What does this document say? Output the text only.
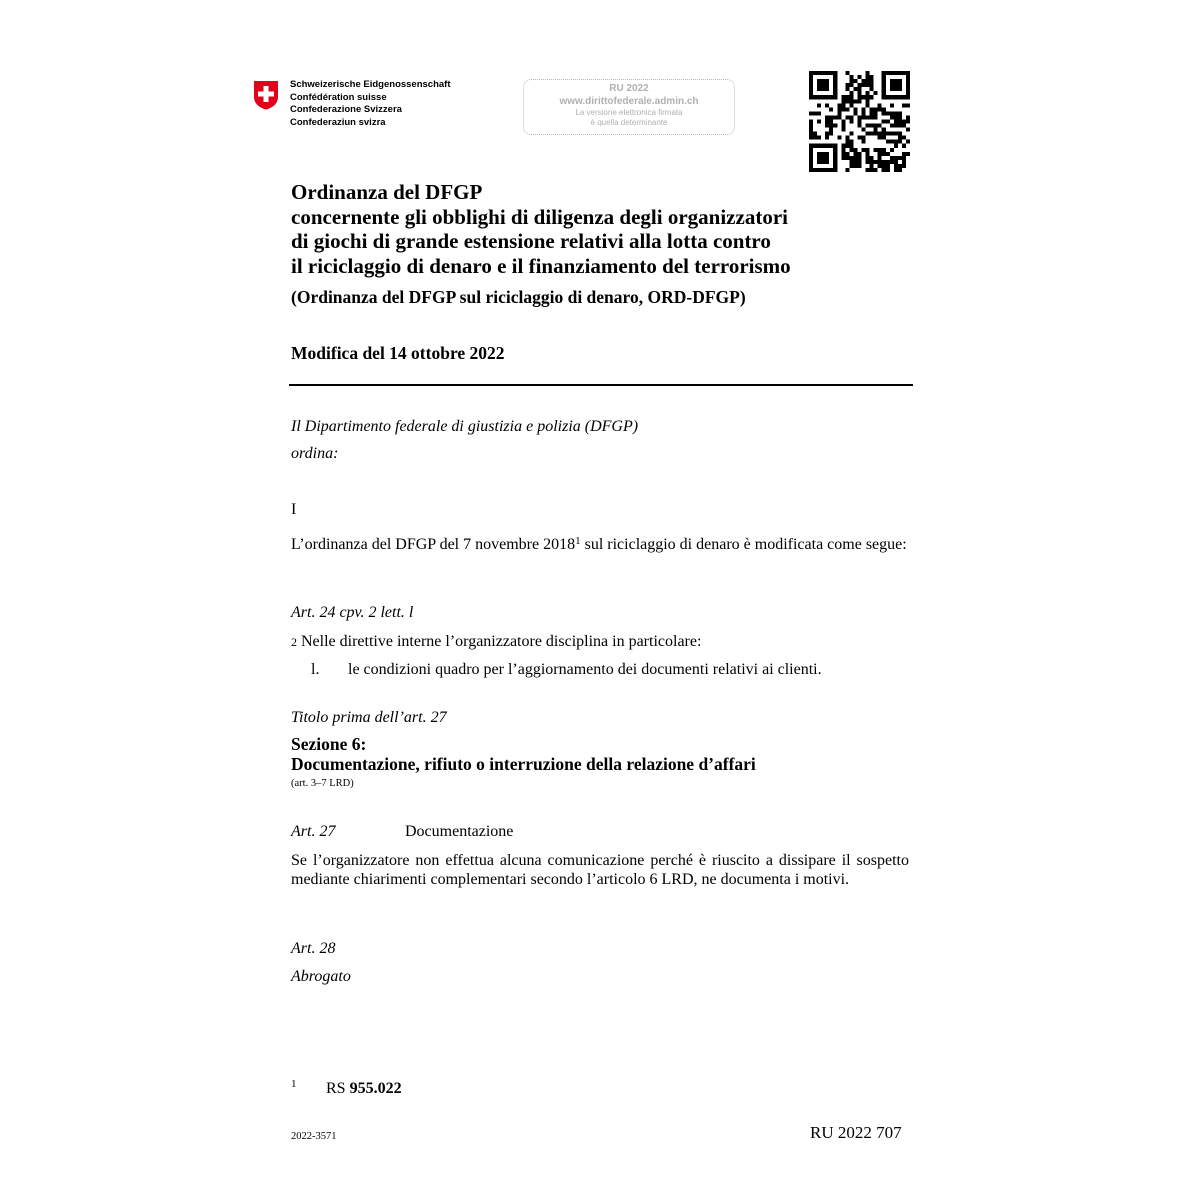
Schweizerische Eidgenossenschaft
Confédération suisse
Confederazione Svizzera
Confederaziun svizra
RU 2022
www.dirittofederale.admin.ch
La versione elettronica firmata
è quella determinante
Ordinanza del DFGP
concernente gli obblighi di diligenza degli organizzatori
di giochi di grande estensione relativi alla lotta contro
il riciclaggio di denaro e il finanziamento del terrorismo
(Ordinanza del DFGP sul riciclaggio di denaro, ORD-DFGP)
Modifica del 14 ottobre 2022
Il Dipartimento federale di giustizia e polizia (DFGP)
ordina:
I
L’ordinanza del DFGP del 7 novembre 2018$^1$ sul riciclaggio di denaro è modificata come segue:
Art. 24 cpv. 2 lett. l
2 Nelle direttive interne l’organizzatore disciplina in particolare:
l. le condizioni quadro per l’aggiornamento dei documenti relativi ai clienti.
Titolo prima dell’art. 27
Sezione 6:
Documentazione, rifiuto o interruzione della relazione d’affari
(art. 3–7 LRD)
Art. 27	Documentazione
Se l’organizzatore non effettua alcuna comunicazione perché è riuscito a dissipare il sospetto mediante chiarimenti complementari secondo l’articolo 6 LRD, ne documenta i motivi.
Art. 28
Abrogato
1 RS 955.022
2022-3571	RU 2022 707
